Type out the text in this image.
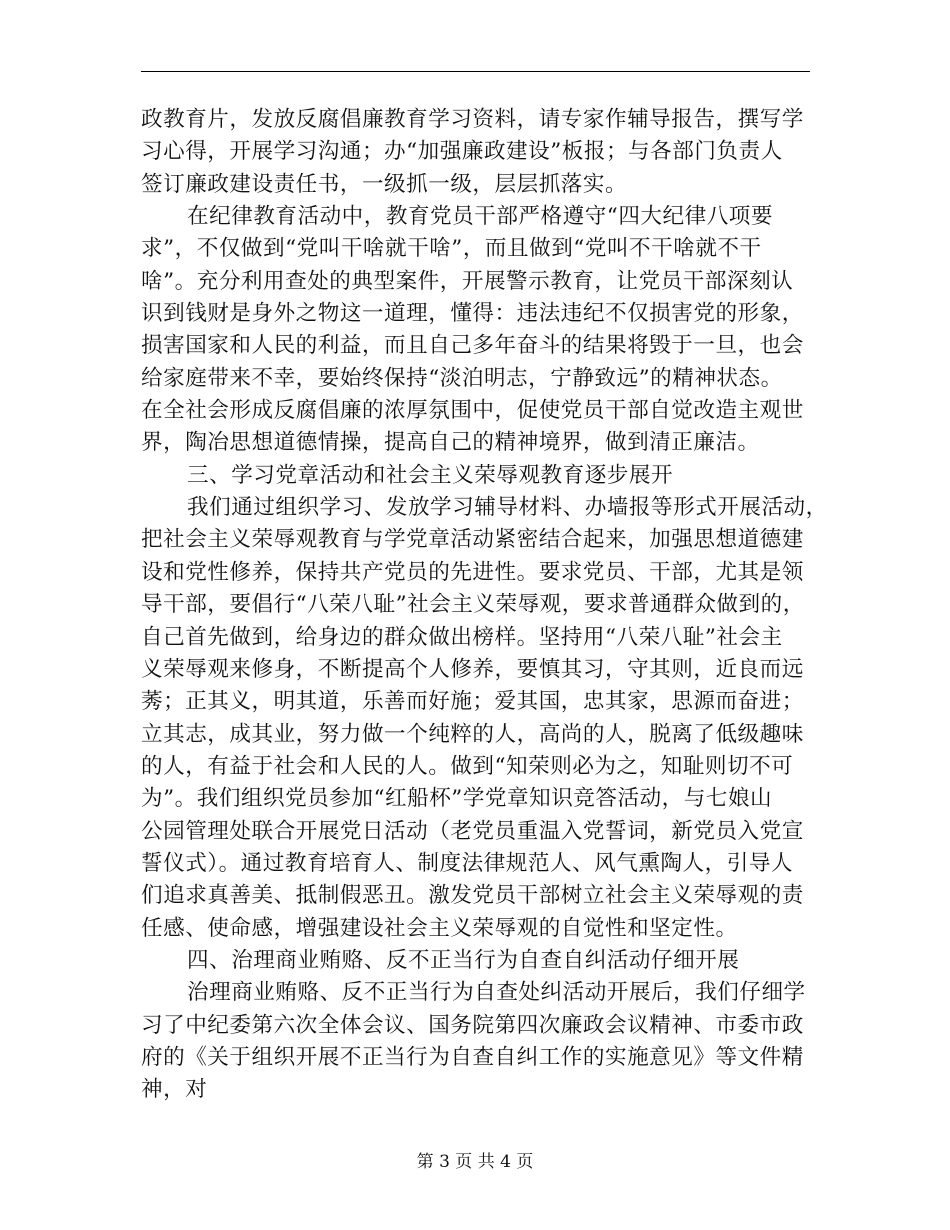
政教育片，发放反腐倡廉教育学习资料，请专家作辅导报告，撰写学

习心得，开展学习沟通；办“加强廉政建设”板报；与各部门负责人

签订廉政建设责任书，一级抓一级，层层抓落实。

在纪律教育活动中，教育党员干部严格遵守“四大纪律八项要

求”，不仅做到“党叫干啥就干啥”，而且做到“党叫不干啥就不干

啥”。充分利用查处的典型案件，开展警示教育，让党员干部深刻认

识到钱财是身外之物这一道理，懂得：违法违纪不仅损害党的形象，

损害国家和人民的利益，而且自己多年奋斗的结果将毁于一旦，也会

给家庭带来不幸，要始终保持“淡泊明志，宁静致远”的精神状态。

在全社会形成反腐倡廉的浓厚氛围中，促使党员干部自觉改造主观世

界，陶冶思想道德情操，提高自己的精神境界，做到清正廉洁。

三、学习党章活动和社会主义荣辱观教育逐步展开

我们通过组织学习、发放学习辅导材料、办墙报等形式开展活动，

把社会主义荣辱观教育与学党章活动紧密结合起来，加强思想道德建

设和党性修养，保持共产党员的先进性。要求党员、干部，尤其是领

导干部，要倡行“八荣八耻”社会主义荣辱观，要求普通群众做到的，

自己首先做到，给身边的群众做出榜样。坚持用“八荣八耻”社会主

义荣辱观来修身，不断提高个人修养，要慎其习，守其则，近良而远

莠；正其义，明其道，乐善而好施；爱其国，忠其家，思源而奋进；

立其志，成其业，努力做一个纯粹的人，高尚的人，脱离了低级趣味

的人，有益于社会和人民的人。做到“知荣则必为之，知耻则切不可

为”。我们组织党员参加“红船杯”学党章知识竞答活动，与七娘山

公园管理处联合开展党日活动（老党员重温入党誓词，新党员入党宣

誓仪式）。通过教育培育人、制度法律规范人、风气熏陶人，引导人

们追求真善美、抵制假恶丑。激发党员干部树立社会主义荣辱观的责

任感、使命感，增强建设社会主义荣辱观的自觉性和坚定性。

四、治理商业贿赂、反不正当行为自查自纠活动仔细开展

治理商业贿赂、反不正当行为自查处纠活动开展后，我们仔细学

习了中纪委第六次全体会议、国务院第四次廉政会议精神、市委市政

府的《关于组织开展不正当行为自查自纠工作的实施意见》等文件精

神，对

第 3 页 共 4 页
